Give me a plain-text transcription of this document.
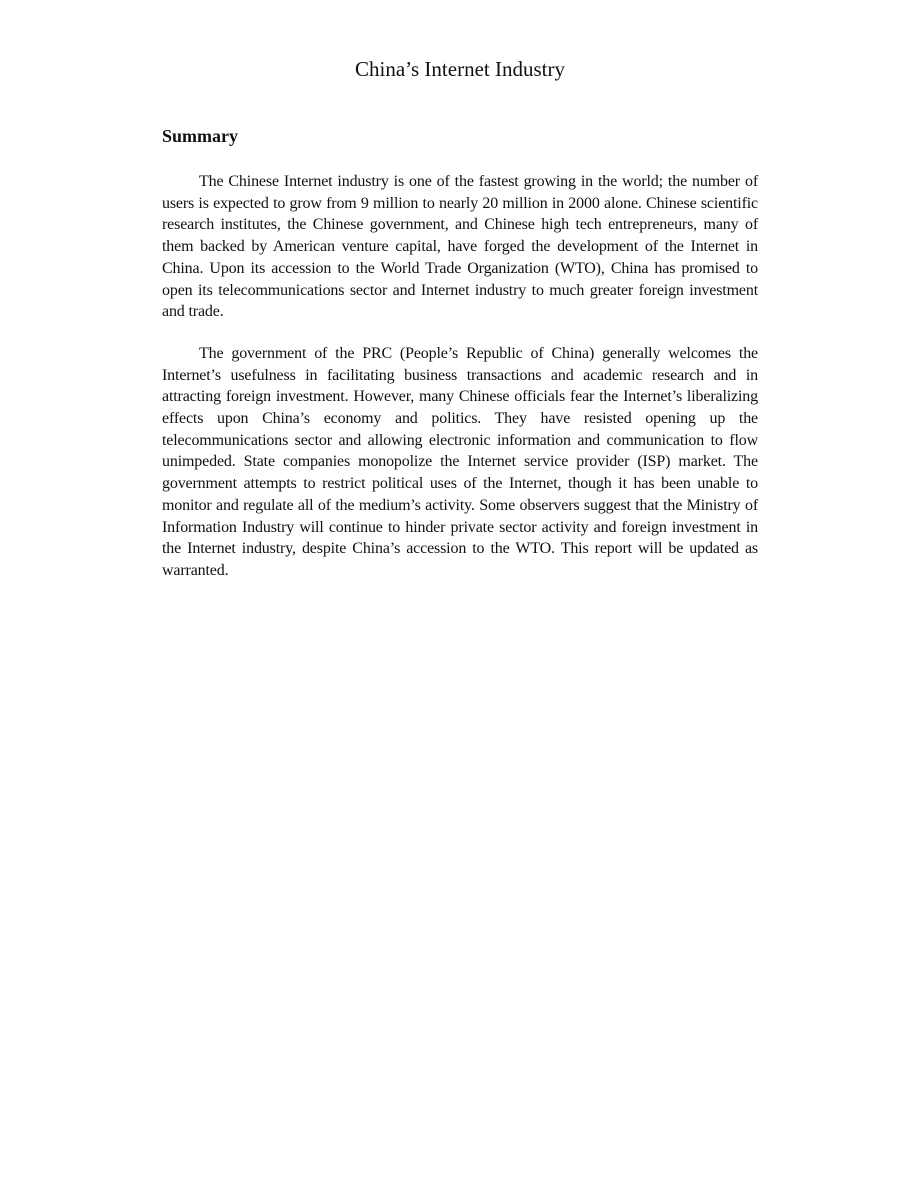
China’s Internet Industry
Summary

The Chinese Internet industry is one of the fastest growing in the world; the number of users is expected to grow from 9 million to nearly 20 million in 2000 alone. Chinese scientific research institutes, the Chinese government, and Chinese high tech entrepreneurs, many of them backed by American venture capital, have forged the development of the Internet in China. Upon its accession to the World Trade Organization (WTO), China has promised to open its telecommunications sector and Internet industry to much greater foreign investment and trade.

The government of the PRC (People’s Republic of China) generally welcomes the Internet’s usefulness in facilitating business transactions and academic research and in attracting foreign investment. However, many Chinese officials fear the Internet’s liberalizing effects upon China’s economy and politics. They have resisted opening up the telecommunications sector and allowing electronic information and communication to flow unimpeded. State companies monopolize the Internet service provider (ISP) market. The government attempts to restrict political uses of the Internet, though it has been unable to monitor and regulate all of the medium’s activity. Some observers suggest that the Ministry of Information Industry will continue to hinder private sector activity and foreign investment in the Internet industry, despite China’s accession to the WTO. This report will be updated as warranted.
